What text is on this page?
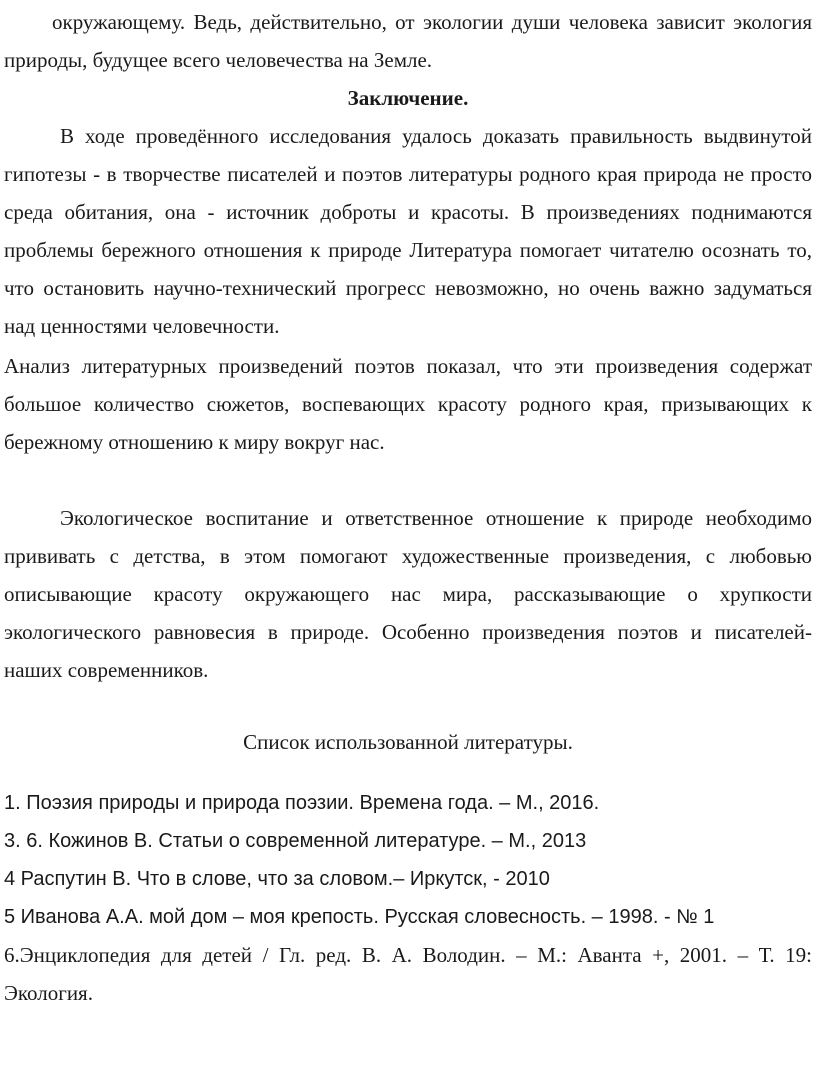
окружающему. Ведь, действительно, от экологии души человека зависит экология природы, будущее всего человечества на Земле.

Заключение.

В ходе проведённого исследования удалось доказать правильность выдвинутой гипотезы - в творчестве писателей и поэтов литературы родного края природа не просто среда обитания, она - источник доброты и красоты. В произведениях поднимаются проблемы бережного отношения к природе Литература помогает читателю осознать то, что остановить научно-технический прогресс невозможно, но очень важно задуматься над ценностями человечности.

Анализ литературных произведений поэтов показал, что эти произведения содержат большое количество сюжетов, воспевающих красоту родного края, призывающих к бережному отношению к миру вокруг нас.

Экологическое воспитание и ответственное отношение к природе необходимо прививать с детства, в этом помогают художественные произведения, с любовью описывающие красоту окружающего нас мира, рассказывающие о хрупкости экологического равновесия в природе. Особенно произведения поэтов и писателей- наших современников.

Список использованной литературы.
1. Поэзия природы и природа поэзии. Времена года. – М., 2016.
3. 6. Кожинов В. Статьи о современной литературе. – М., 2013
4 Распутин В. Что в слове, что за словом.– Иркутск, - 2010
5 Иванова А.А. мой дом – моя крепость. Русская словесность. – 1998. - № 1
6.Энциклопедия для детей / Гл. ред. В. А. Володин. – М.: Аванта +, 2001. – Т. 19: Экология.
